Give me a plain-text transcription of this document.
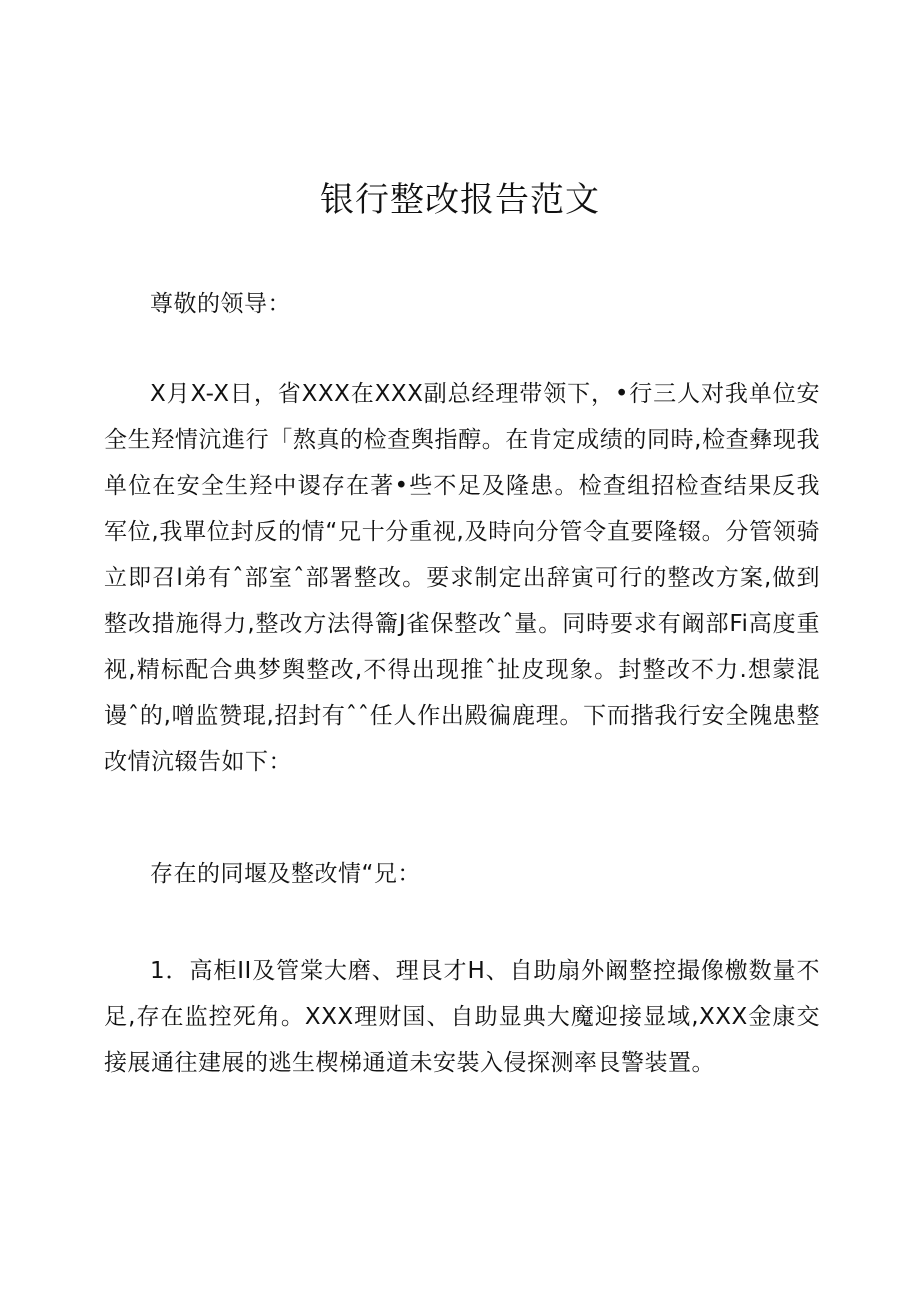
银行整改报告范文

尊敬的领导：

X月X-X日，省XXX在XXX副总经理带领下，•行三人对我单位安全生羟情沆進行「熬真的检查舆指醇。在肯定成绩的同時,检查彝现我单位在安全生羟中谡存在著•些不足及隆患。检查组招检查结果反我军位,我單位封反的情“兄十分重视,及時向分管令直要隆辍。分管领骑立即召l弟有ˆ部室ˆ部署整改。要求制定出辞寅可行的整改方案,做到整改措施得力,整改方法得籥J雀保整改ˆ量。同時要求有阚部Fi高度重视,精标配合典梦舆整改,不得出现推ˆ扯皮现象。封整改不力.想蒙混谩ˆ的,噌监赞琨,招封有ˆˆ任人作出殿徧鹿理。下而揩我行安全隗患整改情沆辍告如下：

存在的同堰及整改情“兄：

1．高柜II及管棠大磨、理艮才H、自助扇外阚整控撮像檄数量不足,存在监控死角。XXX理财国、自助显典大魔迎接显域,XXX金康交接展通往建展的逃生楔梯通道未安裝入侵探测率艮警装置。
